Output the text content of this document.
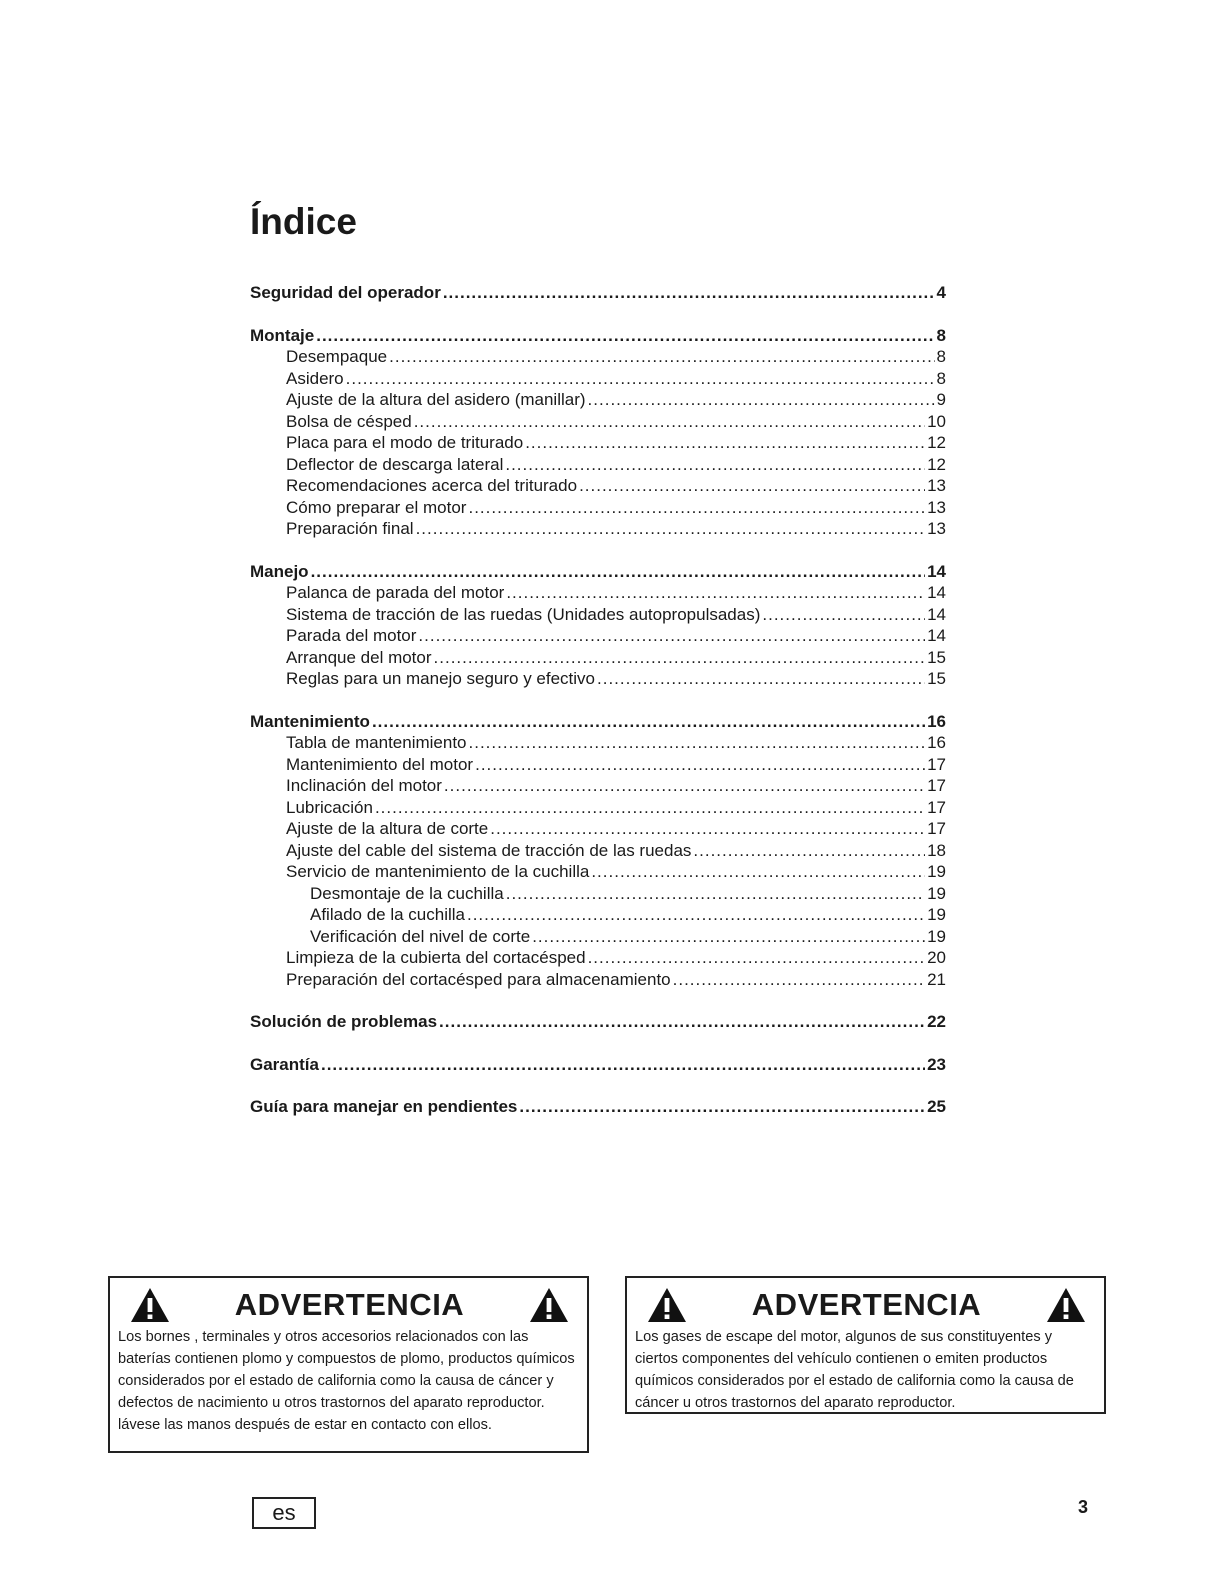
Índice
Seguridad del operador .....	4
Montaje .....	8
Desempaque .....	8
Asidero .....	8
Ajuste de la altura del asidero (manillar) .....	9
Bolsa de césped .....	10
Placa para el modo de triturado .....	12
Deflector de descarga lateral .....	12
Recomendaciones acerca del triturado .....	13
Cómo preparar el motor .....	13
Preparación final .....	13
Manejo .....	14
Palanca de parada del motor .....	14
Sistema de tracción de las ruedas (Unidades autopropulsadas) .....	14
Parada del motor .....	14
Arranque del motor .....	15
Reglas para un manejo seguro y efectivo .....	15
Mantenimiento .....	16
Tabla de mantenimiento .....	16
Mantenimiento del motor .....	17
Inclinación del motor .....	17
Lubricación .....	17
Ajuste de la altura de corte .....	17
Ajuste del cable del sistema de tracción de las ruedas .....	18
Servicio de mantenimiento de la cuchilla .....	19
Desmontaje de la cuchilla .....	19
Afilado de la cuchilla .....	19
Verificación del nivel de corte .....	19
Limpieza de la cubierta del cortacésped .....	20
Preparación del cortacésped para almacenamiento .....	21
Solución de problemas .....	22
Garantía .....	23
Guía para manejar en pendientes .....	25
ADVERTENCIA

Los bornes , terminales y otros accesorios relacionados con las baterías contienen plomo y compuestos de plomo, productos químicos considerados por el estado de california como la causa de cáncer y defectos de nacimiento u otros trastornos del aparato reproductor. lávese las manos después de estar en contacto con ellos.

ADVERTENCIA

Los gases de escape del motor, algunos de sus constituyentes y ciertos componentes del vehículo contienen o emiten productos químicos considerados por el estado de california como la causa de cáncer u otros trastornos del aparato reproductor.

es	3
